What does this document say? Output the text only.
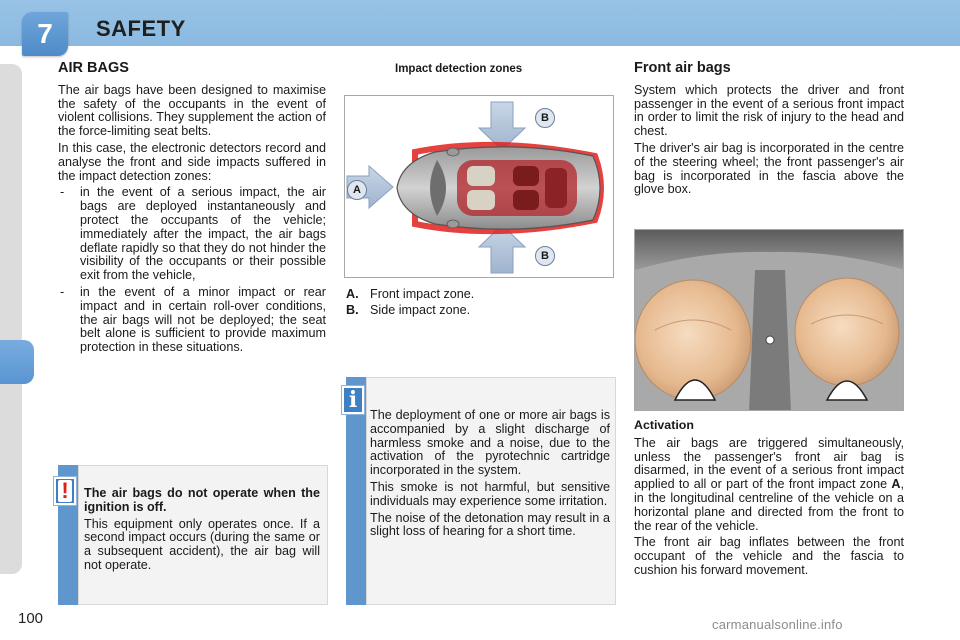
7 SAFETY
AIR BAGS

The air bags have been designed to maximise the safety of the occupants in the event of violent collisions. They supplement the action of the force-limiting seat belts.

In this case, the electronic detectors record and analyse the front and side impacts suffered in the impact detection zones:

-	in the event of a serious impact, the air bags are deployed instantaneously and protect the occupants of the vehicle; immediately after the impact, the air bags deflate rapidly so that they do not hinder the visibility of the occupants or their possible exit from the vehicle,
-	in the event of a minor impact or rear impact and in certain roll-over conditions, the air bags will not be deployed; the seat belt alone is sufficient to provide maximum protection in these situations.
Impact detection zones
A
B
B
A. Front impact zone.
B. Side impact zone.

The air bags do not operate when the ignition is off.

This equipment only operates once. If a second impact occurs (during the same or a subsequent accident), the air bag will not operate.

!

The deployment of one or more air bags is accompanied by a slight discharge of harmless smoke and a noise, due to the activation of the pyrotechnic cartridge incorporated in the system.

This smoke is not harmful, but sensitive individuals may experience some irritation.

The noise of the detonation may result in a slight loss of hearing for a short time.

i
Front air bags

System which protects the driver and front passenger in the event of a serious front impact in order to limit the risk of injury to the head and chest.

The driver's air bag is incorporated in the centre of the steering wheel; the front passenger's air bag is incorporated in the fascia above the glove box.

Activation

The air bags are triggered simultaneously, unless the passenger's front air bag is disarmed, in the event of a serious front impact applied to all or part of the front impact zone A, in the longitudinal centreline of the vehicle on a horizontal plane and directed from the front to the rear of the vehicle.

The front air bag inflates between the front occupant of the vehicle and the fascia to cushion his forward movement.

100	carmanualsonline.info
